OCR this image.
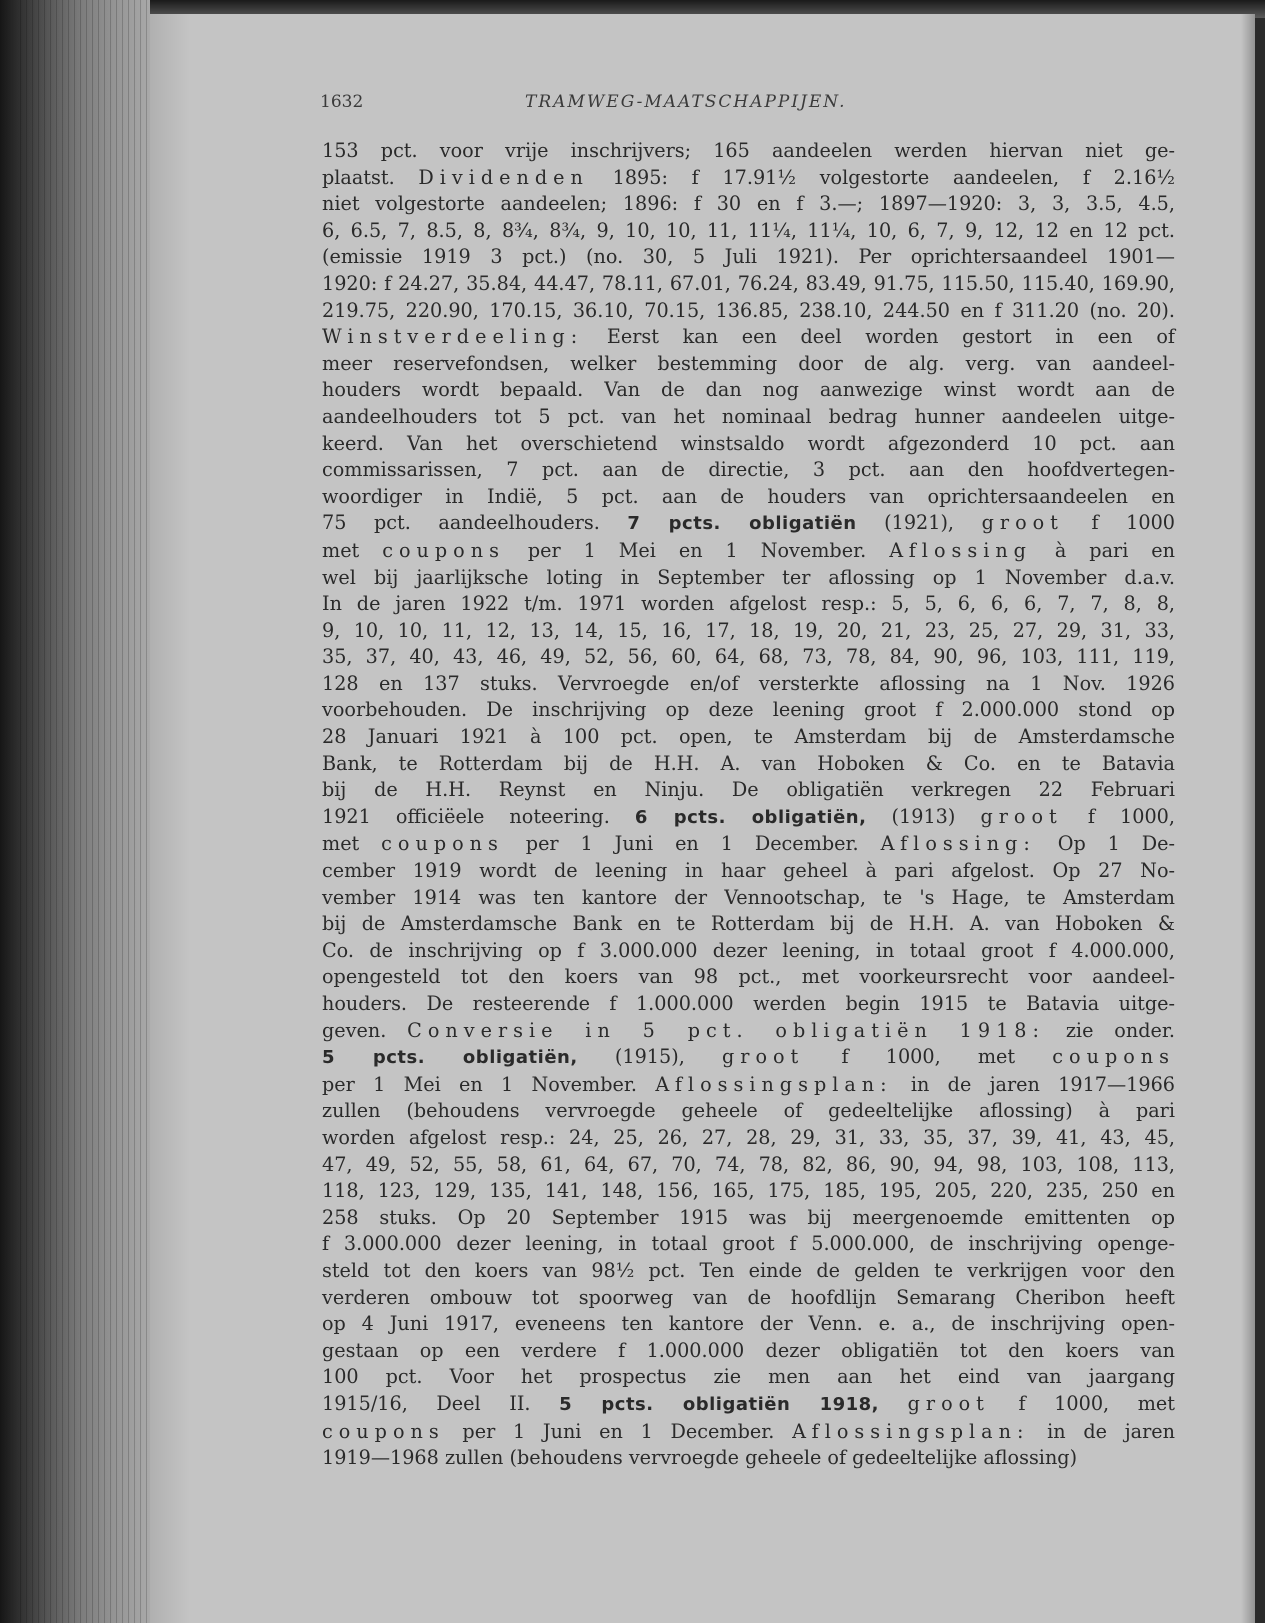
1632	TRAMWEG-MAATSCHAPPIJEN.
153 pct. voor vrije inschrijvers; 165 aandeelen werden hiervan niet ge-
plaatst. Dividenden 1895: f 17.91½ volgestorte aandeelen, f 2.16½
niet volgestorte aandeelen; 1896: f 30 en f 3.—; 1897—1920: 3, 3, 3.5, 4.5,
6, 6.5, 7, 8.5, 8, 8¾, 8¾, 9, 10, 10, 11, 11¼, 11¼, 10, 6, 7, 9, 12, 12 en 12 pct.
(emissie 1919 3 pct.) (no. 30, 5 Juli 1921). Per oprichtersaandeel 1901—
1920: f 24.27, 35.84, 44.47, 78.11, 67.01, 76.24, 83.49, 91.75, 115.50, 115.40, 169.90,
219.75, 220.90, 170.15, 36.10, 70.15, 136.85, 238.10, 244.50 en f 311.20 (no. 20).
Winstverdeeling: Eerst kan een deel worden gestort in een of
meer reservefondsen, welker bestemming door de alg. verg. van aandeel-
houders wordt bepaald. Van de dan nog aanwezige winst wordt aan de
aandeelhouders tot 5 pct. van het nominaal bedrag hunner aandeelen uitge-
keerd. Van het overschietend winstsaldo wordt afgezonderd 10 pct. aan
commissarissen, 7 pct. aan de directie, 3 pct. aan den hoofdvertegen-
woordiger in Indië, 5 pct. aan de houders van oprichtersaandeelen en
75 pct. aandeelhouders. 7 pcts. obligatiën (1921), groot f 1000
met coupons per 1 Mei en 1 November. Aflossing à pari en
wel bij jaarlijksche loting in September ter aflossing op 1 November d.a.v.
In de jaren 1922 t/m. 1971 worden afgelost resp.: 5, 5, 6, 6, 6, 7, 7, 8, 8,
9, 10, 10, 11, 12, 13, 14, 15, 16, 17, 18, 19, 20, 21, 23, 25, 27, 29, 31, 33,
35, 37, 40, 43, 46, 49, 52, 56, 60, 64, 68, 73, 78, 84, 90, 96, 103, 111, 119,
128 en 137 stuks. Vervroegde en/of versterkte aflossing na 1 Nov. 1926
voorbehouden. De inschrijving op deze leening groot f 2.000.000 stond op
28 Januari 1921 à 100 pct. open, te Amsterdam bij de Amsterdamsche
Bank, te Rotterdam bij de H.H. A. van Hoboken & Co. en te Batavia
bij de H.H. Reynst en Ninju. De obligatiën verkregen 22 Februari
1921 officiëele noteering. 6 pcts. obligatiën, (1913) groot f 1000,
met coupons per 1 Juni en 1 December. Aflossing: Op 1 De-
cember 1919 wordt de leening in haar geheel à pari afgelost. Op 27 No-
vember 1914 was ten kantore der Vennootschap, te 's Hage, te Amsterdam
bij de Amsterdamsche Bank en te Rotterdam bij de H.H. A. van Hoboken &
Co. de inschrijving op f 3.000.000 dezer leening, in totaal groot f 4.000.000,
opengesteld tot den koers van 98 pct., met voorkeursrecht voor aandeel-
houders. De resteerende f 1.000.000 werden begin 1915 te Batavia uitge-
geven. Conversie in 5 pct. obligatiën 1918: zie onder.
5 pcts. obligatiën, (1915), groot f 1000, met coupons
per 1 Mei en 1 November. Aflossingsplan: in de jaren 1917—1966
zullen (behoudens vervroegde geheele of gedeeltelijke aflossing) à pari
worden afgelost resp.: 24, 25, 26, 27, 28, 29, 31, 33, 35, 37, 39, 41, 43, 45,
47, 49, 52, 55, 58, 61, 64, 67, 70, 74, 78, 82, 86, 90, 94, 98, 103, 108, 113,
118, 123, 129, 135, 141, 148, 156, 165, 175, 185, 195, 205, 220, 235, 250 en
258 stuks. Op 20 September 1915 was bij meergenoemde emittenten op
f 3.000.000 dezer leening, in totaal groot f 5.000.000, de inschrijving openge-
steld tot den koers van 98½ pct. Ten einde de gelden te verkrijgen voor den
verderen ombouw tot spoorweg van de hoofdlijn Semarang Cheribon heeft
op 4 Juni 1917, eveneens ten kantore der Venn. e. a., de inschrijving open-
gestaan op een verdere f 1.000.000 dezer obligatiën tot den koers van
100 pct. Voor het prospectus zie men aan het eind van jaargang
1915/16, Deel II. 5 pcts. obligatiën 1918, groot f 1000, met
coupons per 1 Juni en 1 December. Aflossingsplan: in de jaren
1919—1968 zullen (behoudens vervroegde geheele of gedeeltelijke aflossing)
